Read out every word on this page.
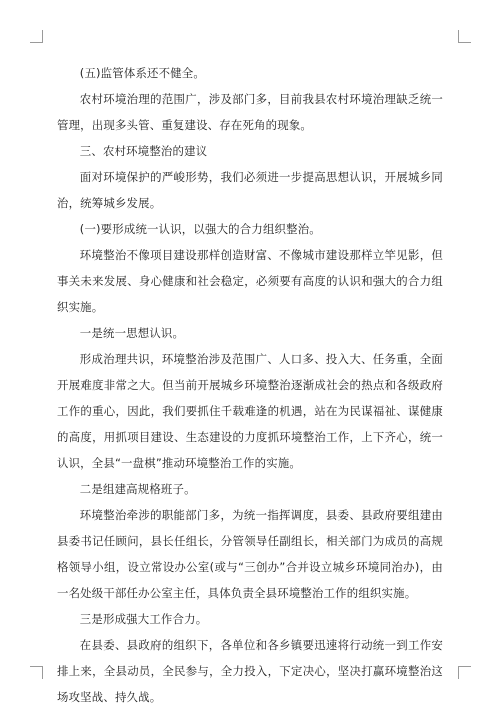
(五)监管体系还不健全。

农村环境治理的范围广，涉及部门多，目前我县农村环境治理缺乏统一管理，出现多头管、重复建设、存在死角的现象。

三、农村环境整治的建议

面对环境保护的严峻形势，我们必须进一步提高思想认识，开展城乡同治，统筹城乡发展。

(一)要形成统一认识，以强大的合力组织整治。

环境整治不像项目建设那样创造财富、不像城市建设那样立竿见影，但事关未来发展、身心健康和社会稳定，必须要有高度的认识和强大的合力组织实施。

一是统一思想认识。

形成治理共识，环境整治涉及范围广、人口多、投入大、任务重，全面开展难度非常之大。但当前开展城乡环境整治逐渐成社会的热点和各级政府工作的重心，因此，我们要抓住千载难逢的机遇，站在为民谋福祉、谋健康的高度，用抓项目建设、生态建设的力度抓环境整治工作，上下齐心，统一认识，全县“一盘棋”推动环境整治工作的实施。

二是组建高规格班子。

环境整治牵涉的职能部门多，为统一指挥调度，县委、县政府要组建由县委书记任顾问，县长任组长，分管领导任副组长，相关部门为成员的高规格领导小组，设立常设办公室(或与“三创办”合并设立城乡环境同治办)，由一名处级干部任办公室主任，具体负责全县环境整治工作的组织实施。

三是形成强大工作合力。

在县委、县政府的组织下，各单位和各乡镇要迅速将行动统一到工作安排上来，全县动员，全民参与，全力投入，下定决心，坚决打赢环境整治这场攻坚战、持久战。
